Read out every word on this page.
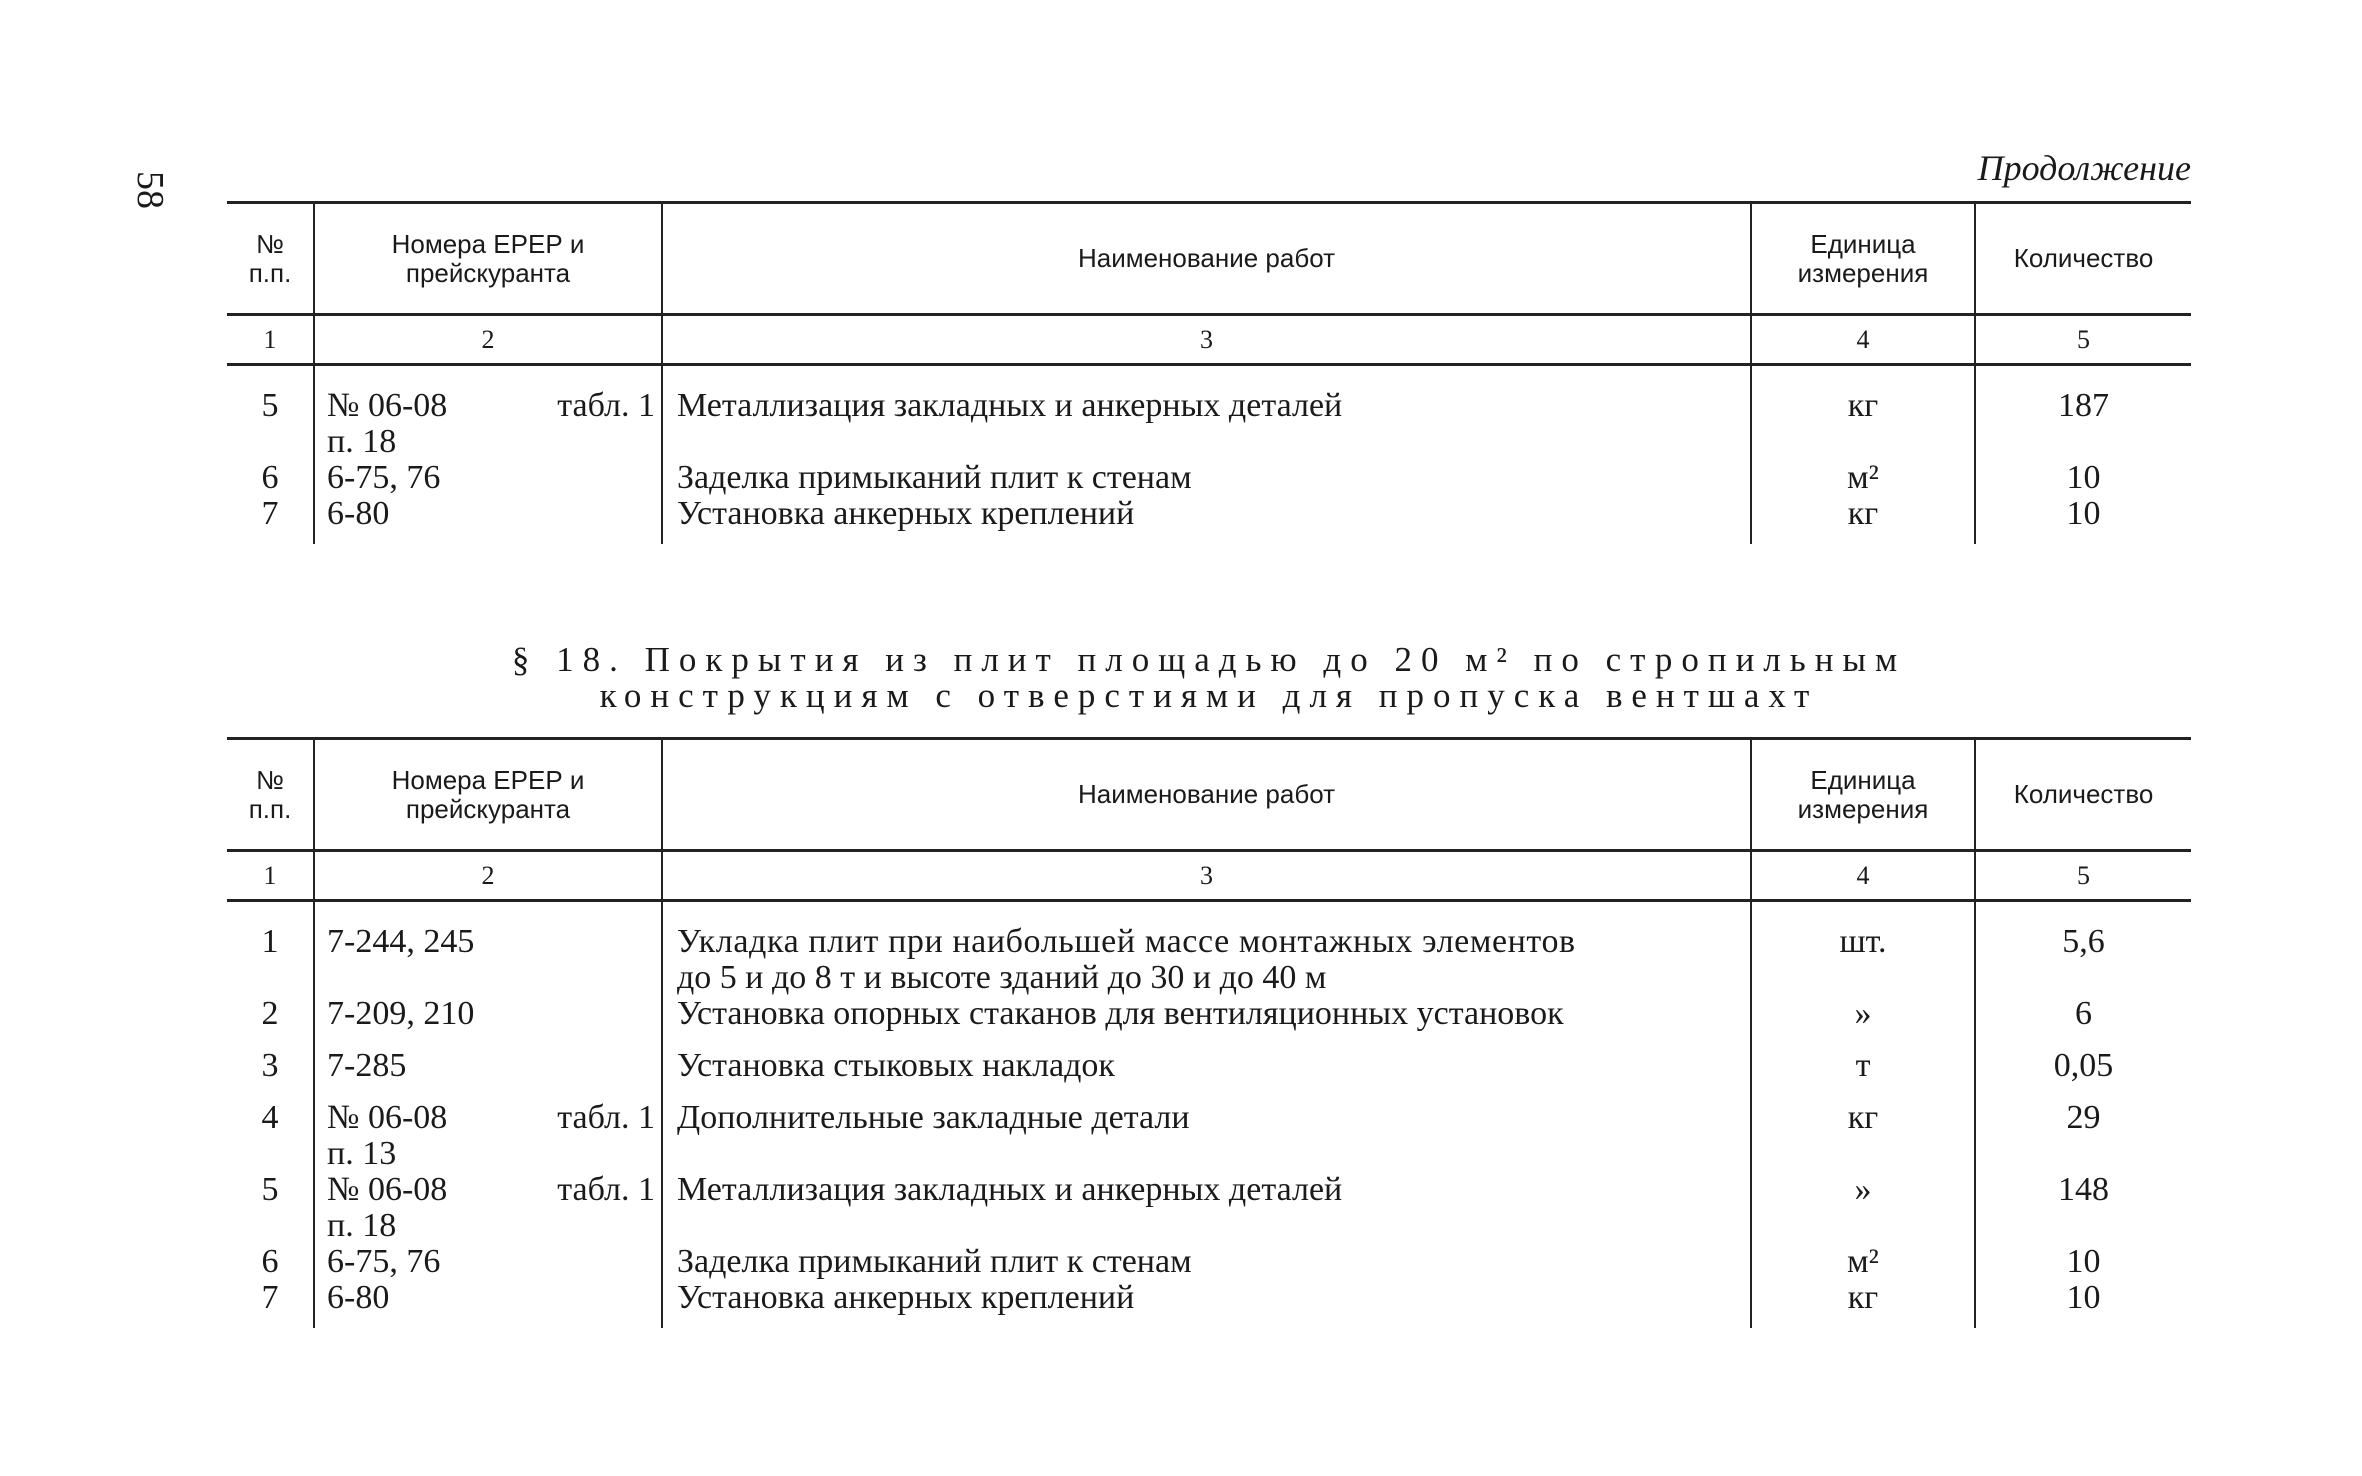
58
Продолжение
№ п.п.	Номера ЕРЕР и прейскуранта	Наименование работ	Единица измерения	Количество
1	2	3	4	5
5	№ 06-08 табл. 1
п. 18	Металлизация закладных и анкерных деталей	кг	187
6	6-75, 76	Заделка примыканий плит к стенам	м²	10
7	6-80	Установка анкерных креплений	кг	10
§ 18. Покрытия из плит площадью до 20 м² по стропильным
конструкциям с отверстиями для пропуска вентшахт
№ п.п.	Номера ЕРЕР и прейскуранта	Наименование работ	Единица измерения	Количество
1	2	3	4	5
1	7-244, 245	Укладка плит при наибольшей массе монтажных элементов
до 5 и до 8 т и высоте зданий до 30 и до 40 м	шт.	5,6
2	7-209, 210	Установка опорных стаканов для вентиляционных установок	»	6
3	7-285	Установка стыковых накладок	т	0,05
4	№ 06-08 табл. 1
п. 13	Дополнительные закладные детали	кг	29
5	№ 06-08 табл. 1
п. 18	Металлизация закладных и анкерных деталей	»	148
6	6-75, 76	Заделка примыканий плит к стенам	м²	10
7	6-80	Установка анкерных креплений	кг	10
